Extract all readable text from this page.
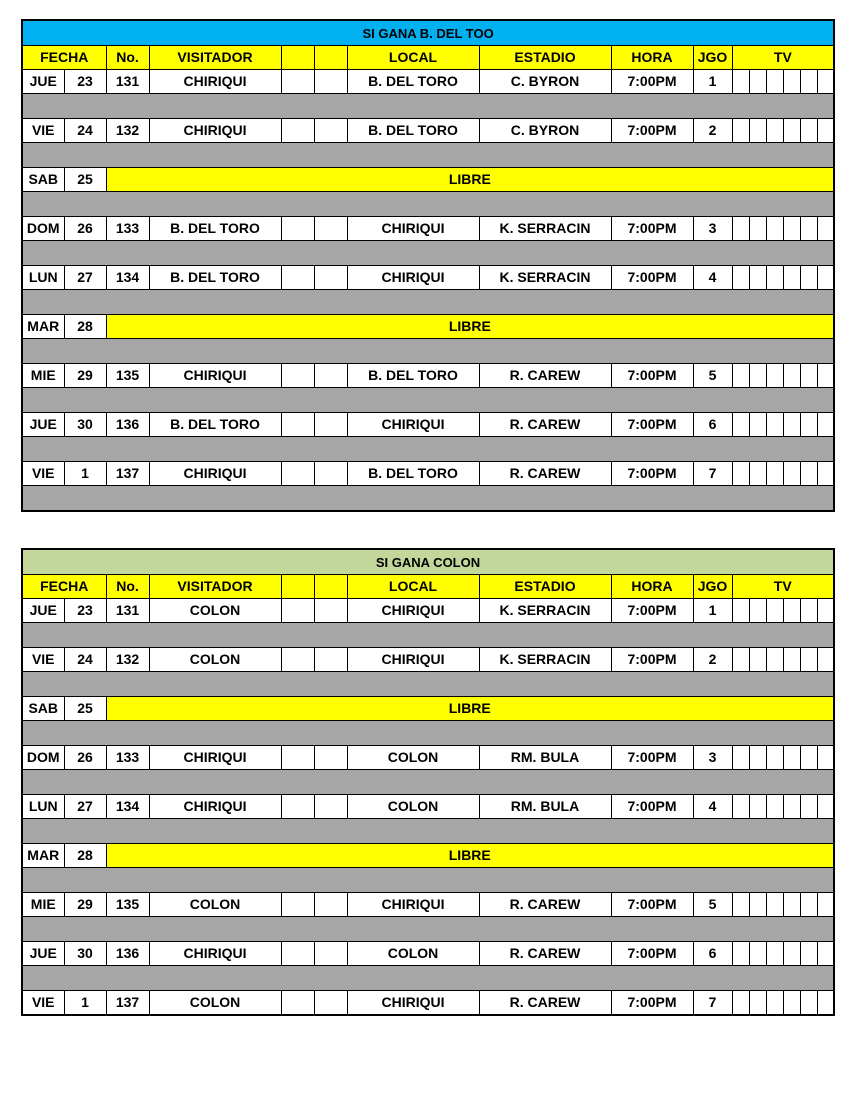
SI GANA B. DEL TOO															
FECHA		No.	VISITADOR			LOCAL	ESTADIO	HORA	JGO	TV					
JUE	23	131	CHIRIQUI			B. DEL TORO	C. BYRON	7:00PM	1						

VIE	24	132	CHIRIQUI			B. DEL TORO	C. BYRON	7:00PM	2						

SAB	25	LIBRE													

DOM	26	133	B. DEL TORO			CHIRIQUI	K. SERRACIN	7:00PM	3						

LUN	27	134	B. DEL TORO			CHIRIQUI	K. SERRACIN	7:00PM	4						

MAR	28	LIBRE													

MIE	29	135	CHIRIQUI			B. DEL TORO	R. CAREW	7:00PM	5						

JUE	30	136	B. DEL TORO			CHIRIQUI	R. CAREW	7:00PM	6						

VIE	1	137	CHIRIQUI			B. DEL TORO	R. CAREW	7:00PM	7						

SI GANA COLON															
FECHA		No.	VISITADOR			LOCAL	ESTADIO	HORA	JGO	TV					
JUE	23	131	COLON			CHIRIQUI	K. SERRACIN	7:00PM	1						

VIE	24	132	COLON			CHIRIQUI	K. SERRACIN	7:00PM	2						

SAB	25	LIBRE													

DOM	26	133	CHIRIQUI			COLON	RM. BULA	7:00PM	3						

LUN	27	134	CHIRIQUI			COLON	RM. BULA	7:00PM	4						

MAR	28	LIBRE													

MIE	29	135	COLON			CHIRIQUI	R. CAREW	7:00PM	5						

JUE	30	136	CHIRIQUI			COLON	R. CAREW	7:00PM	6						

VIE	1	137	COLON			CHIRIQUI	R. CAREW	7:00PM	7						
